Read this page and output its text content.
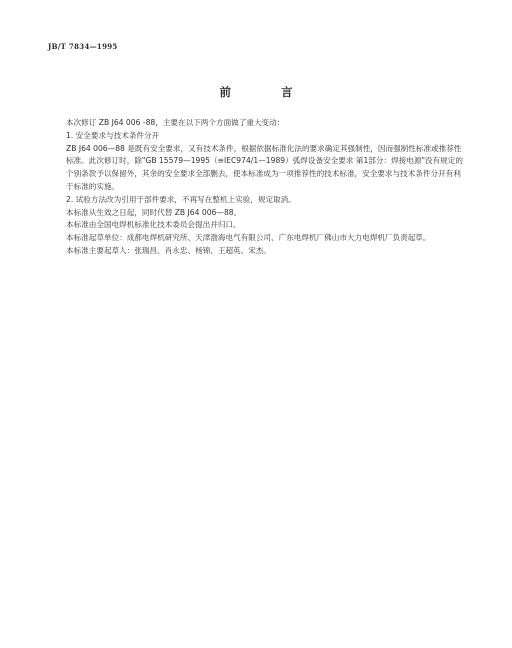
JB/T 7834—1995
前	言

本次修订 ZB J64 006 -88，主要在以下两个方面做了重大变动：

1. 安全要求与技术条件分开

ZB J64 006—88 是既有安全要求，又有技术条件，根据依据标准化法的要求确定其强制性，因而强制性标准或推荐性标准。此次修订时，除"GB 15579—1995（≡IEC974/1—1989）弧焊设备安全要求 第1部分：焊接电源"没有规定的个别条款予以保留外，其余的安全要求全部删去，使本标准成为一项推荐性的技术标准，安全要求与技术条件分开有利于标准的实施。

2. 试验方法改为引用于部件要求，不再写在整机上实验，规定取消。

本标准从生效之日起，同时代替 ZB J64 006—88。

本标准由全国电焊机标准化技术委员会提出并归口。

本标准起草单位：成都电焊机研究所、天津渤海电气有限公司、广东电焊机厂佛山市大力电焊机厂负责起草。

本标准主要起草人：张瑞昌、肖永忠、杨锦、王超英、宋杰。
